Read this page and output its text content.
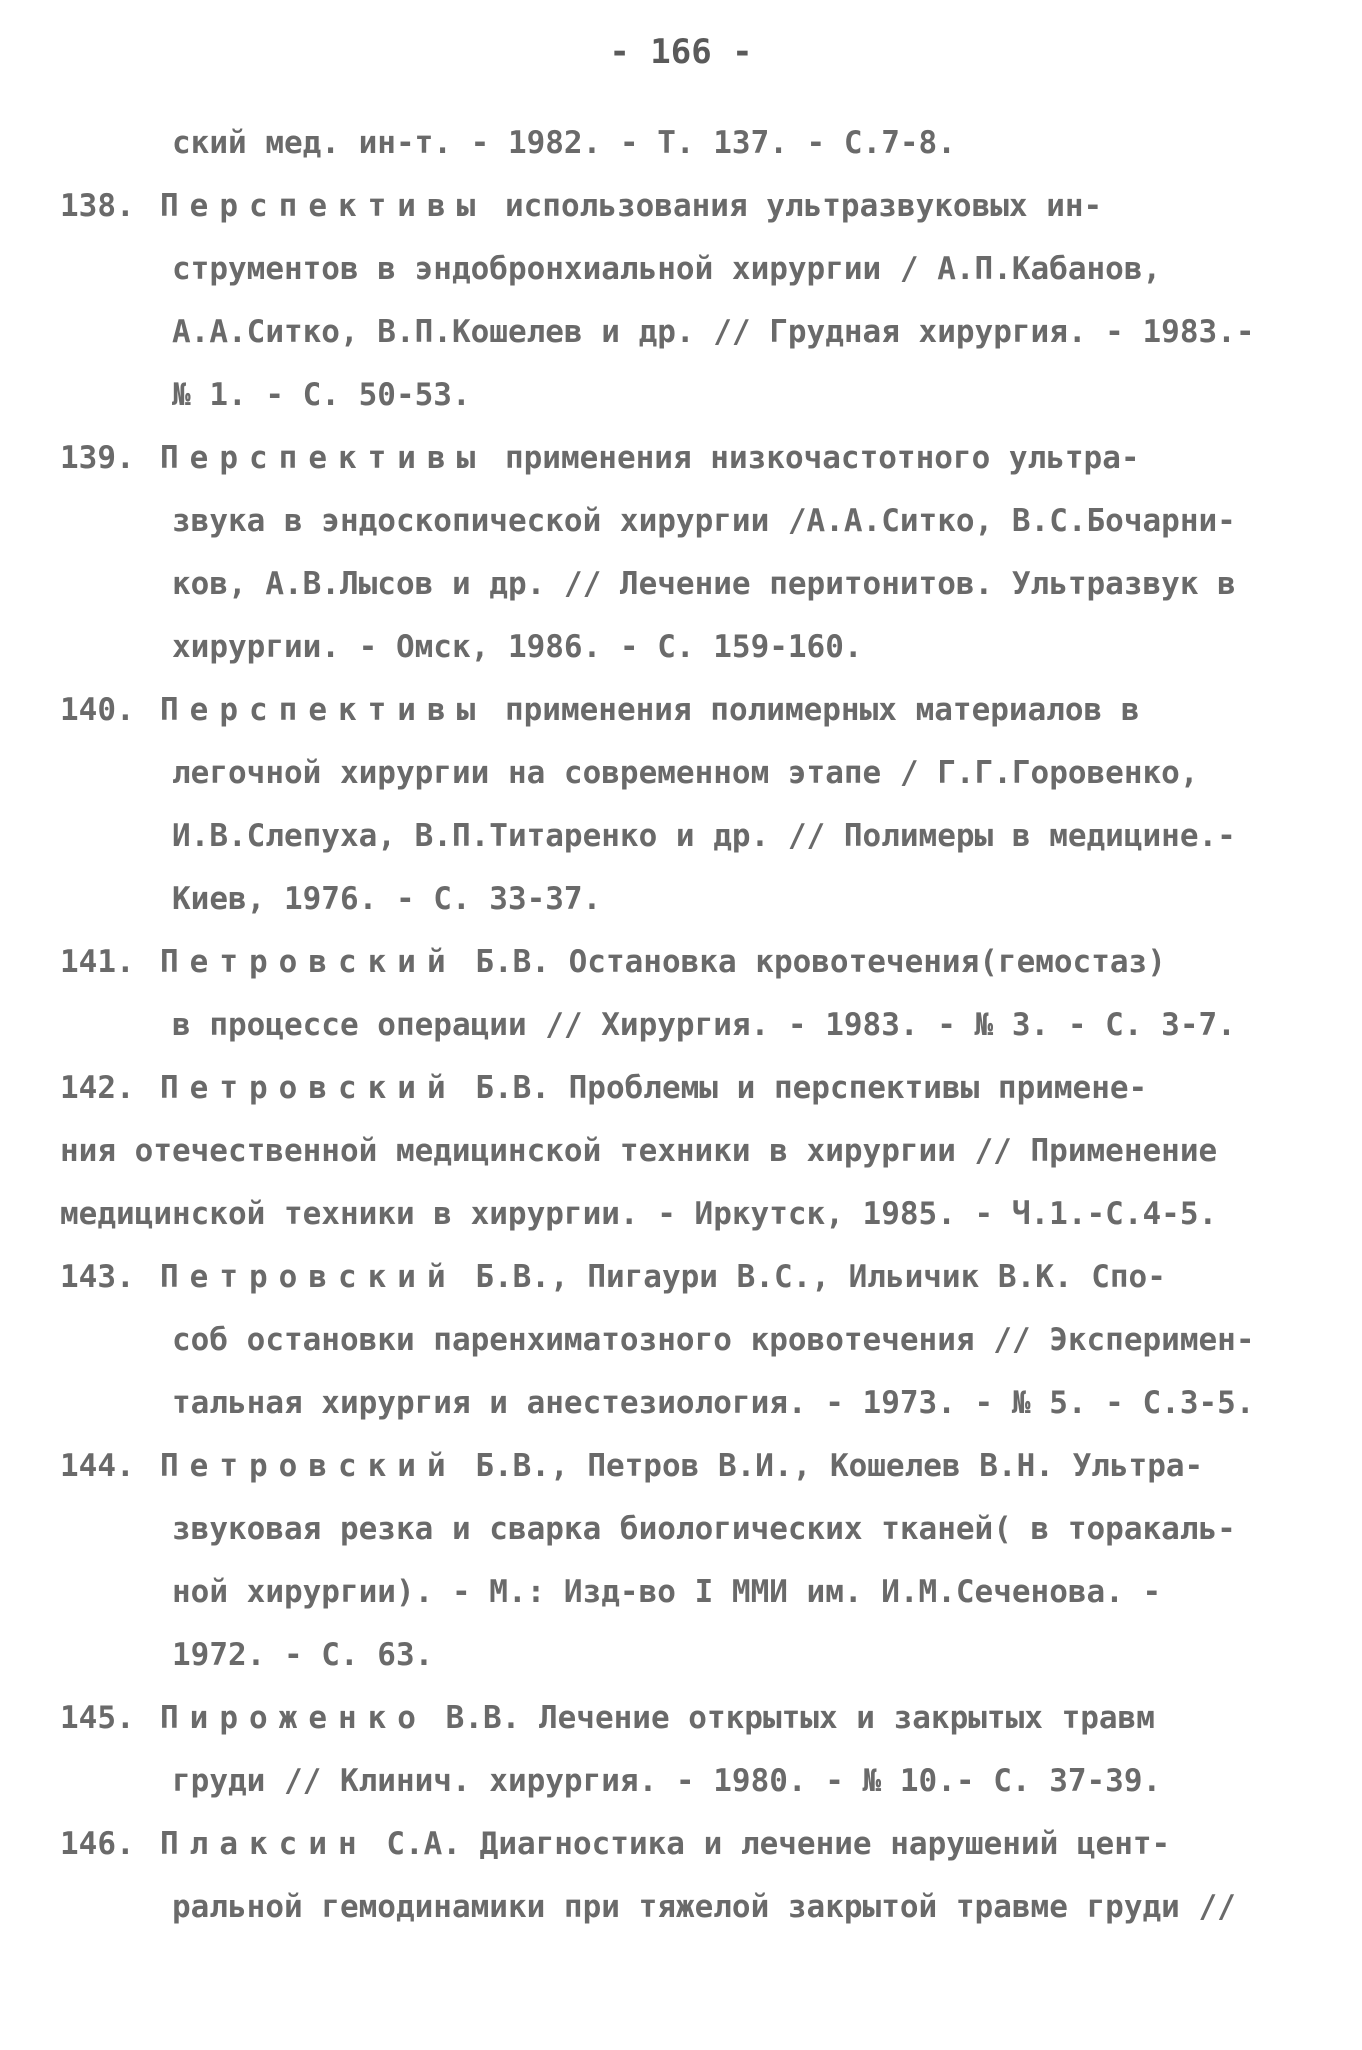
- 166 -

ский мед. ин-т. - 1982. - Т. 137. - С.7-8.

138. Перспективы использования ультразвуковых ин-
струментов в эндобронхиальной хирургии / А.П.Кабанов,
А.А.Ситко, В.П.Кошелев и др. // Грудная хирургия. - 1983.-
№ 1. - С. 50-53.

139. Перспективы применения низкочастотного ультра-
звука в эндоскопической хирургии /А.А.Ситко, В.С.Бочарни-
ков, А.В.Лысов и др. // Лечение перитонитов. Ультразвук в
хирургии. - Омск, 1986. - С. 159-160.

140. Перспективы применения полимерных материалов в
легочной хирургии на современном этапе / Г.Г.Горовенко,
И.В.Слепуха, В.П.Титаренко и др. // Полимеры в медицине.-
Киев, 1976. - С. 33-37.

141. Петровский Б.В. Остановка кровотечения(гемостаз)
в процессе операции // Хирургия. - 1983. - № 3. - С. 3-7.

142. Петровский Б.В. Проблемы и перспективы примене-
ния отечественной медицинской техники в хирургии // Применение
медицинской техники в хирургии. - Иркутск, 1985. - Ч.1.-С.4-5.

143. Петровский Б.В., Пигаури В.С., Ильичик В.К. Спо-
соб остановки паренхиматозного кровотечения // Эксперимен-
тальная хирургия и анестезиология. - 1973. - № 5. - С.3-5.

144. Петровский Б.В., Петров В.И., Кошелев В.Н. Ультра-
звуковая резка и сварка биологических тканей( в торакаль-
ной хирургии). - М.: Изд-во I ММИ им. И.М.Сеченова. -
1972. - С. 63.

145. Пироженко В.В. Лечение открытых и закрытых травм
груди // Клинич. хирургия. - 1980. - № 10.- С. 37-39.

146. Плаксин С.А. Диагностика и лечение нарушений цент-
ральной гемодинамики при тяжелой закрытой травме груди //
